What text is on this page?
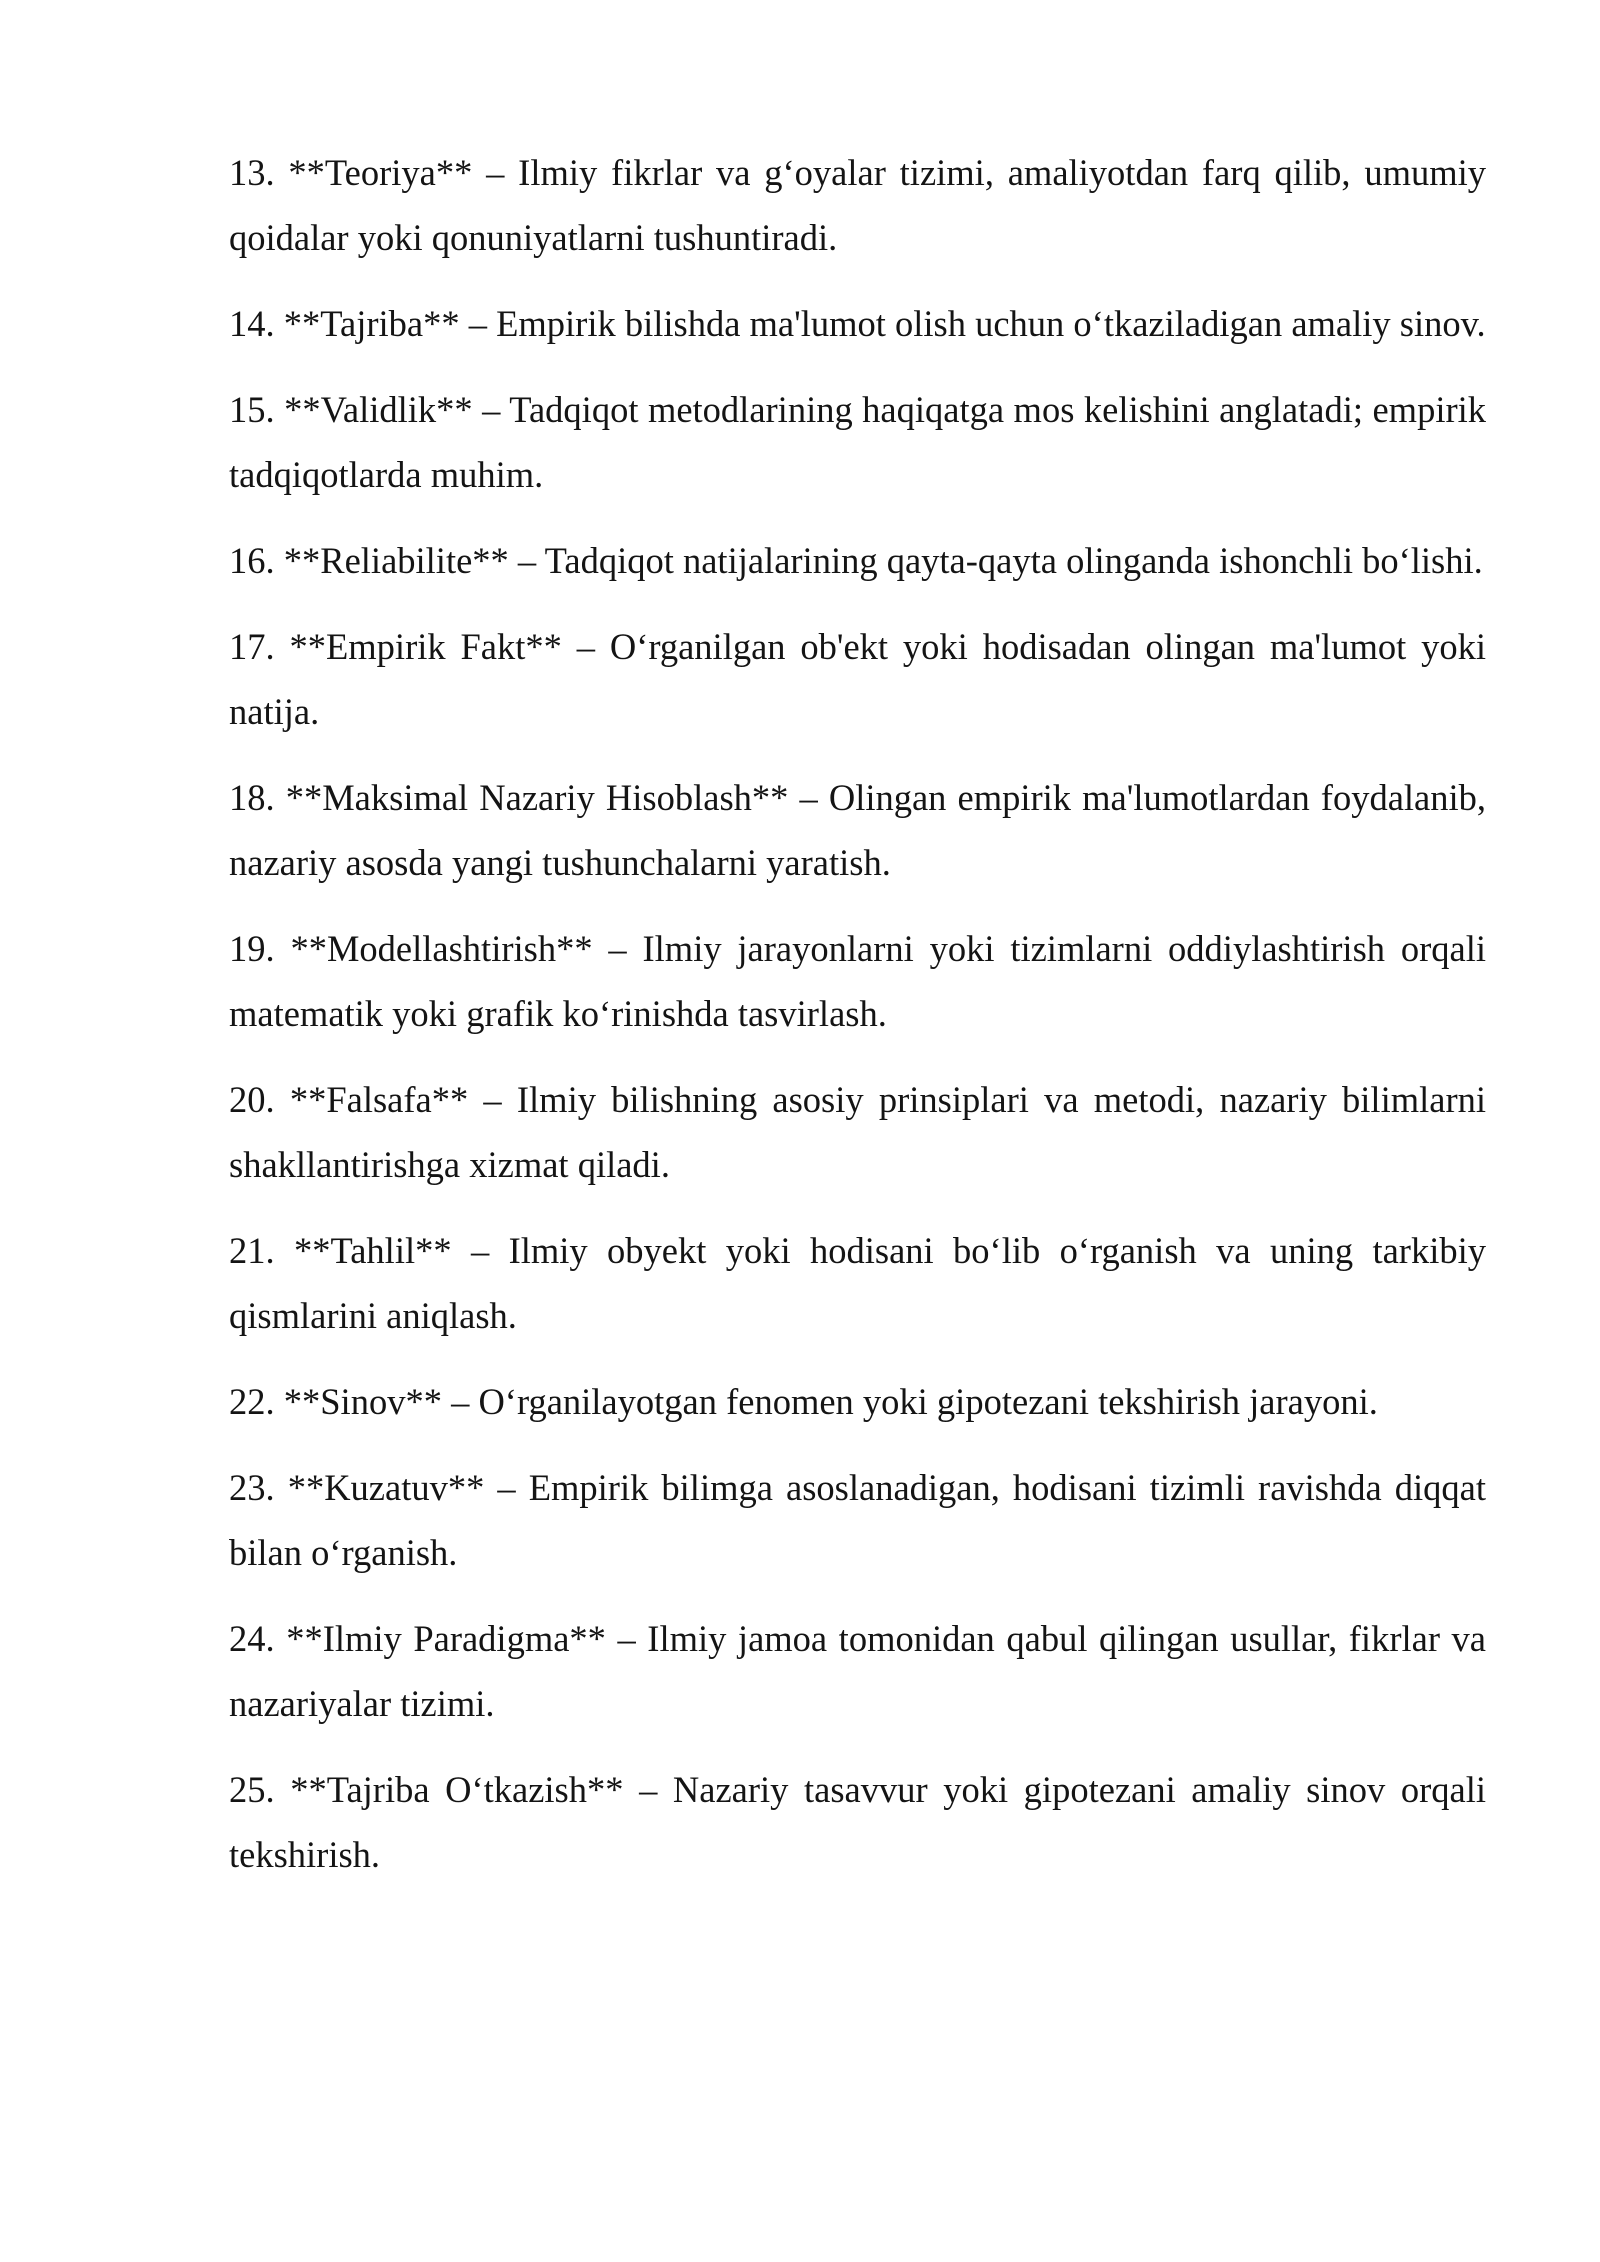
13. **Teoriya** – Ilmiy fikrlar va g‘oyalar tizimi, amaliyotdan farq qilib, umumiy qoidalar yoki qonuniyatlarni tushuntiradi.

14. **Tajriba** – Empirik bilishda ma'lumot olish uchun o‘tkaziladigan amaliy sinov.

15. **Validlik** – Tadqiqot metodlarining haqiqatga mos kelishini anglatadi; empirik tadqiqotlarda muhim.

16. **Reliabilite** – Tadqiqot natijalarining qayta-qayta olinganda ishonchli bo‘lishi.

17. **Empirik Fakt** – O‘rganilgan ob'ekt yoki hodisadan olingan ma'lumot yoki natija.

18. **Maksimal Nazariy Hisoblash** – Olingan empirik ma'lumotlardan foydalanib, nazariy asosda yangi tushunchalarni yaratish.

19. **Modellashtirish** – Ilmiy jarayonlarni yoki tizimlarni oddiylashtirish orqali matematik yoki grafik ko‘rinishda tasvirlash.

20. **Falsafa** – Ilmiy bilishning asosiy prinsiplari va metodi, nazariy bilimlarni shakllantirishga xizmat qiladi.

21. **Tahlil** – Ilmiy obyekt yoki hodisani bo‘lib o‘rganish va uning tarkibiy qismlarini aniqlash.

22. **Sinov** – O‘rganilayotgan fenomen yoki gipotezani tekshirish jarayoni.

23. **Kuzatuv** – Empirik bilimga asoslanadigan, hodisani tizimli ravishda diqqat bilan o‘rganish.

24. **Ilmiy Paradigma** – Ilmiy jamoa tomonidan qabul qilingan usullar, fikrlar va nazariyalar tizimi.

25. **Tajriba O‘tkazish** – Nazariy tasavvur yoki gipotezani amaliy sinov orqali tekshirish.
